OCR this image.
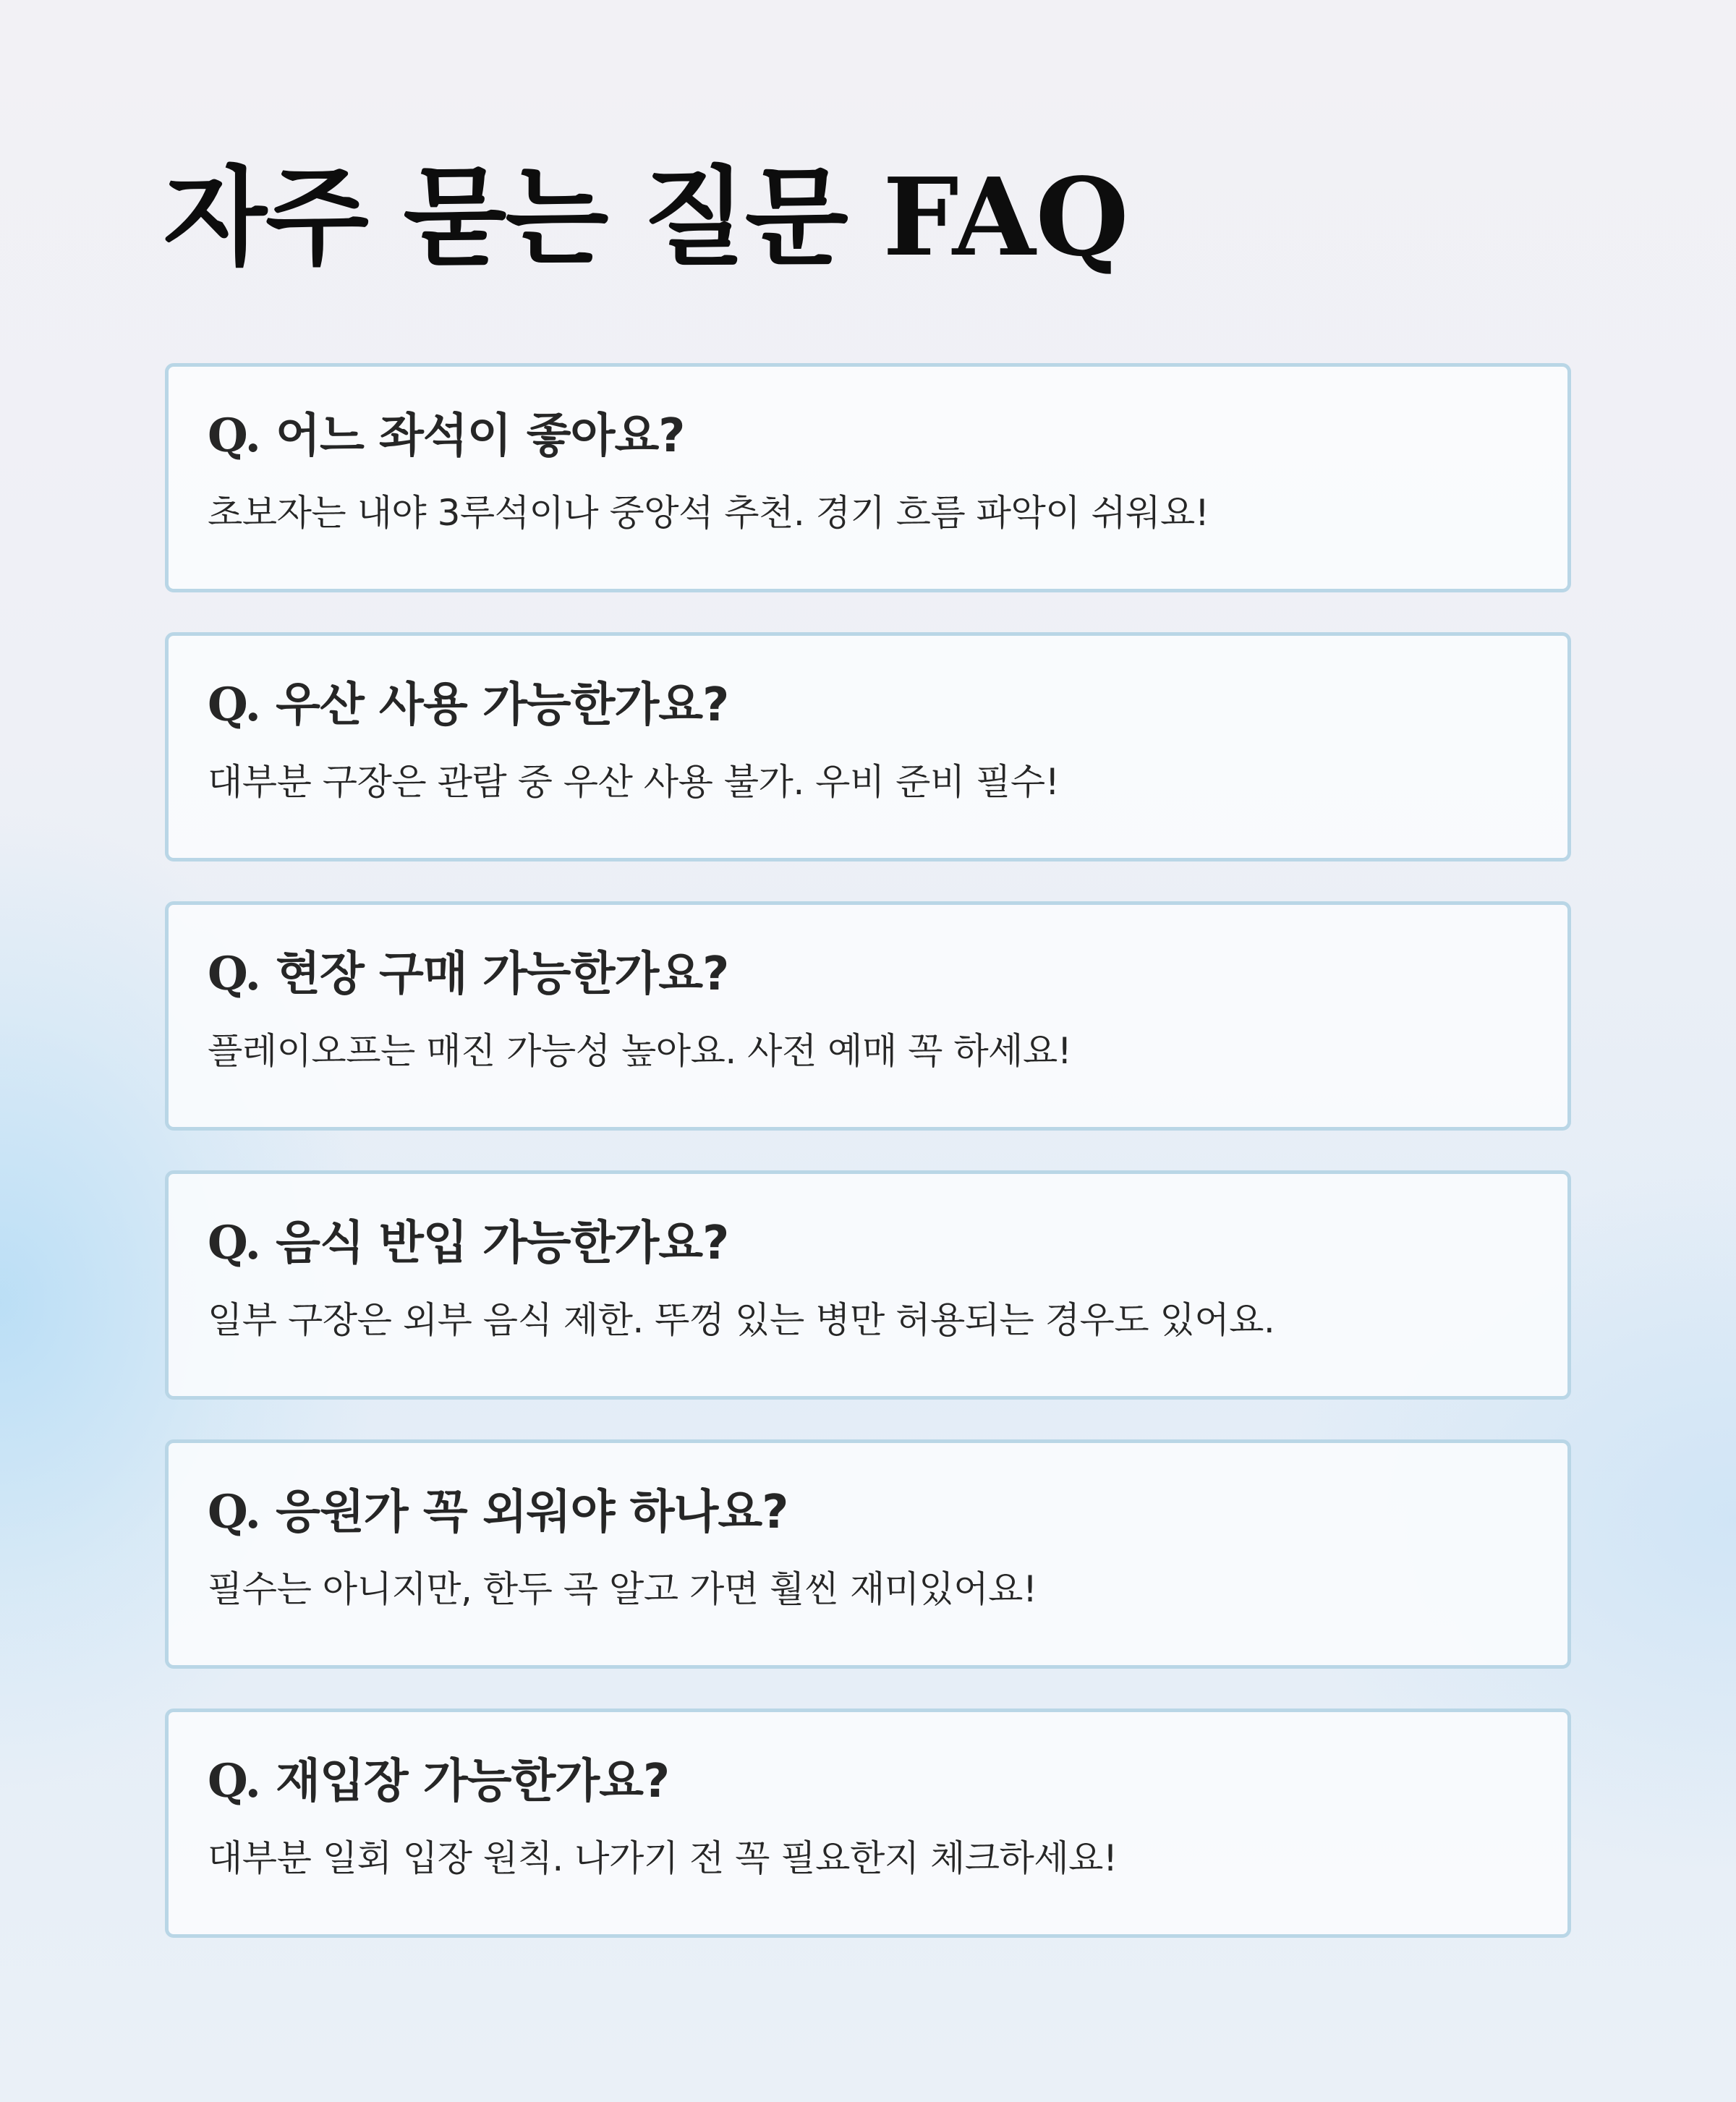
자주 묻는 질문 FAQ

Q. 어느 좌석이 좋아요?

초보자는 내야 3루석이나 중앙석 추천. 경기 흐름 파악이 쉬워요!

Q. 우산 사용 가능한가요?

대부분 구장은 관람 중 우산 사용 불가. 우비 준비 필수!

Q. 현장 구매 가능한가요?

플레이오프는 매진 가능성 높아요. 사전 예매 꼭 하세요!

Q. 음식 반입 가능한가요?

일부 구장은 외부 음식 제한. 뚜껑 있는 병만 허용되는 경우도 있어요.

Q. 응원가 꼭 외워야 하나요?

필수는 아니지만, 한두 곡 알고 가면 훨씬 재미있어요!

Q. 재입장 가능한가요?

대부분 일회 입장 원칙. 나가기 전 꼭 필요한지 체크하세요!
